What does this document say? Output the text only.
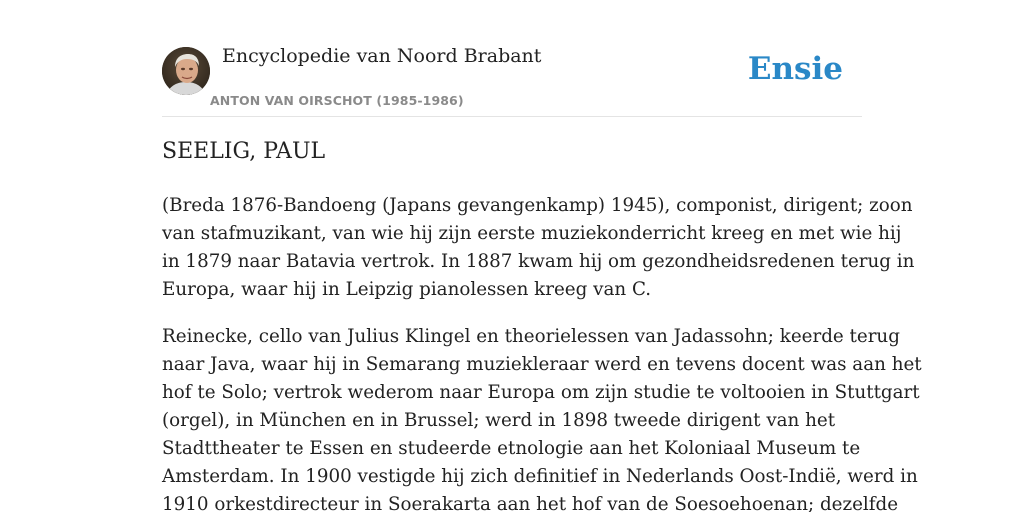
Encyclopedie van Noord Brabant
ANTON VAN OIRSCHOT (1985-1986)
Ensie
SEELIG, PAUL

(Breda 1876-Bandoeng (Japans gevangenkamp) 1945), componist, dirigent; zoon
van stafmuzikant, van wie hij zijn eerste muziekonderricht kreeg en met wie hij
in 1879 naar Batavia vertrok. In 1887 kwam hij om gezondheidsredenen terug in
Europa, waar hij in Leipzig pianolessen kreeg van C.

Reinecke, cello van Julius Klingel en theorielessen van Jadassohn; keerde terug
naar Java, waar hij in Semarang muziekleraar werd en tevens docent was aan het
hof te Solo; vertrok wederom naar Europa om zijn studie te voltooien in Stuttgart
(orgel), in München en in Brussel; werd in 1898 tweede dirigent van het
Stadttheater te Essen en studeerde etnologie aan het Koloniaal Museum te
Amsterdam. In 1900 vestigde hij zich definitief in Nederlands Oost-Indië, werd in
1910 orkestdirecteur in Soerakarta aan het hof van de Soesoehoenan; dezelfde
